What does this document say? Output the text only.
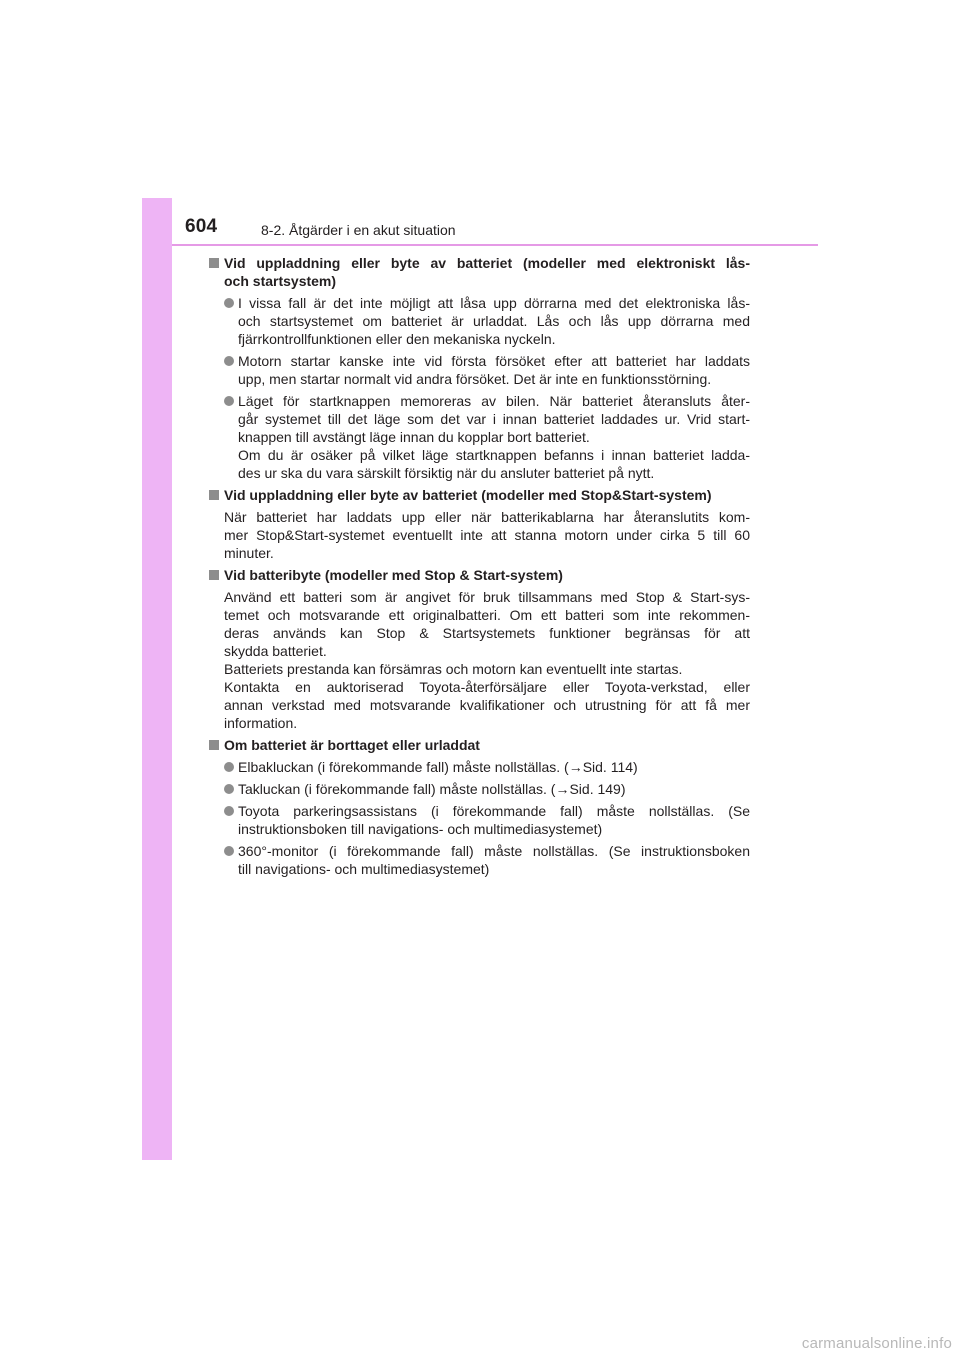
604	8-2. Åtgärder i en akut situation
Vid uppladdning eller byte av batteriet (modeller med elektroniskt lås-
och startsystem)
I vissa fall är det inte möjligt att låsa upp dörrarna med det elektroniska lås-
och startsystemet om batteriet är urladdat. Lås och lås upp dörrarna med
fjärrkontrollfunktionen eller den mekaniska nyckeln.
Motorn startar kanske inte vid första försöket efter att batteriet har laddats
upp, men startar normalt vid andra försöket. Det är inte en funktionsstörning.
Läget för startknappen memoreras av bilen. När batteriet återansluts åter-
går systemet till det läge som det var i innan batteriet laddades ur. Vrid start-
knappen till avstängt läge innan du kopplar bort batteriet.
Om du är osäker på vilket läge startknappen befanns i innan batteriet ladda-
des ur ska du vara särskilt försiktig när du ansluter batteriet på nytt.
Vid uppladdning eller byte av batteriet (modeller med Stop&Start-system)
När batteriet har laddats upp eller när batterikablarna har återanslutits kom-
mer Stop&Start-systemet eventuellt inte att stanna motorn under cirka 5 till 60
minuter.
Vid batteribyte (modeller med Stop & Start-system)
Använd ett batteri som är angivet för bruk tillsammans med Stop & Start-sys-
temet och motsvarande ett originalbatteri. Om ett batteri som inte rekommen-
deras används kan Stop & Startsystemets funktioner begränsas för att
skydda batteriet.
Batteriets prestanda kan försämras och motorn kan eventuellt inte startas.
Kontakta en auktoriserad Toyota-återförsäljare eller Toyota-verkstad, eller
annan verkstad med motsvarande kvalifikationer och utrustning för att få mer
information.
Om batteriet är borttaget eller urladdat
Elbakluckan (i förekommande fall) måste nollställas. (→Sid. 114)
Takluckan (i förekommande fall) måste nollställas. (→Sid. 149)
Toyota parkeringsassistans (i förekommande fall) måste nollställas. (Se
instruktionsboken till navigations- och multimediasystemet)
360°-monitor (i förekommande fall) måste nollställas. (Se instruktionsboken
till navigations- och multimediasystemet)
carmanualsonline.info
